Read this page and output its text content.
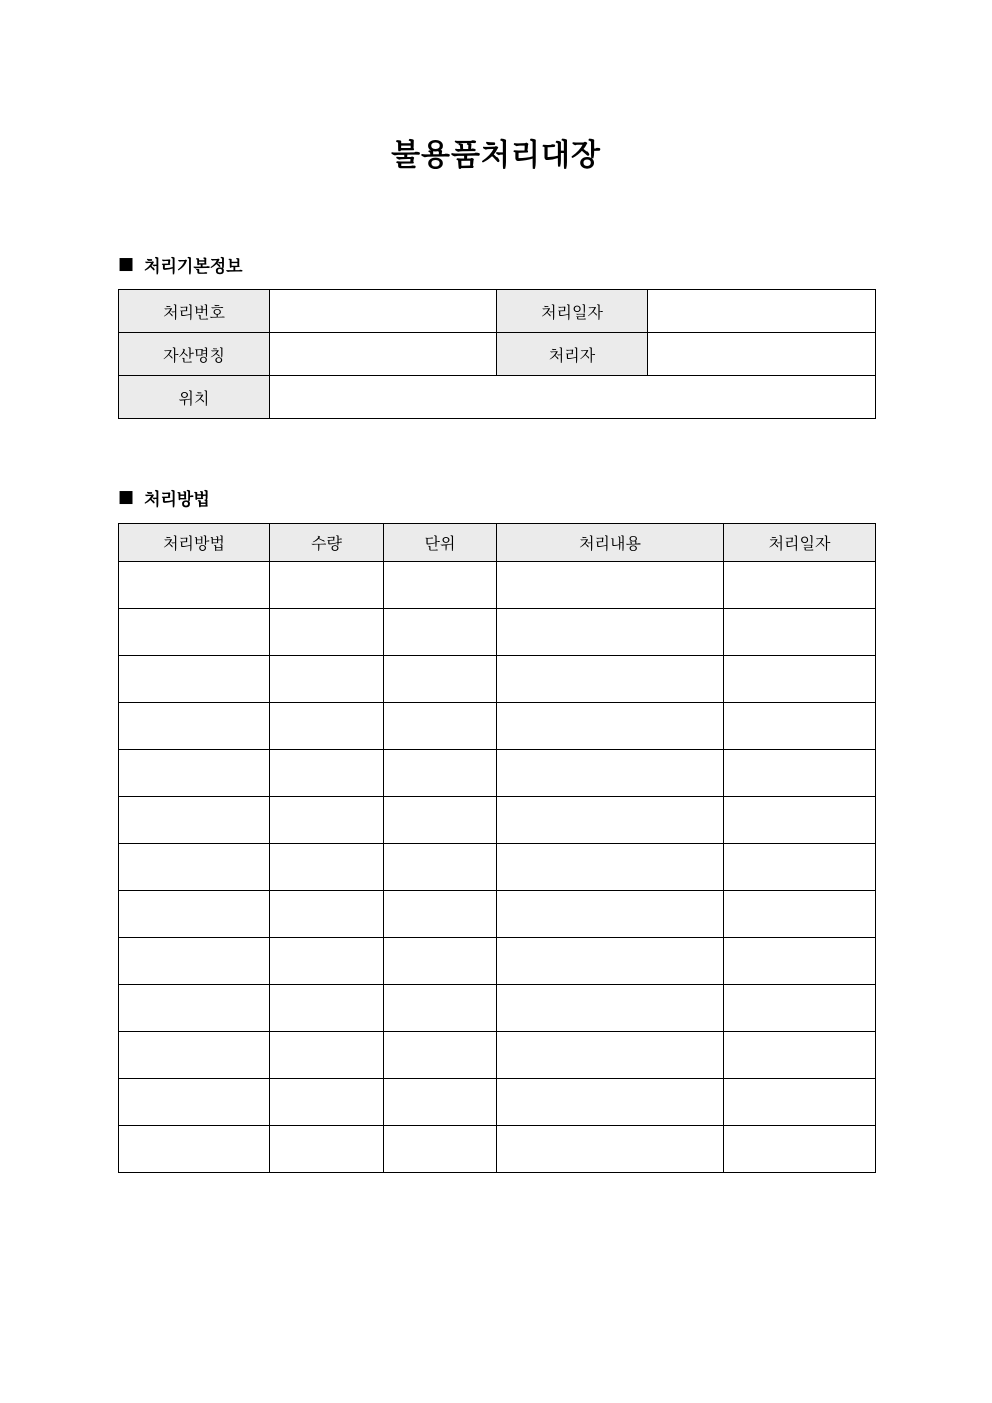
불용품처리대장
■ 처리기본정보
처리번호		처리일자	
자산명칭		처리자	
위치			
■ 처리방법
처리방법	수량	단위	처리내용	처리일자
